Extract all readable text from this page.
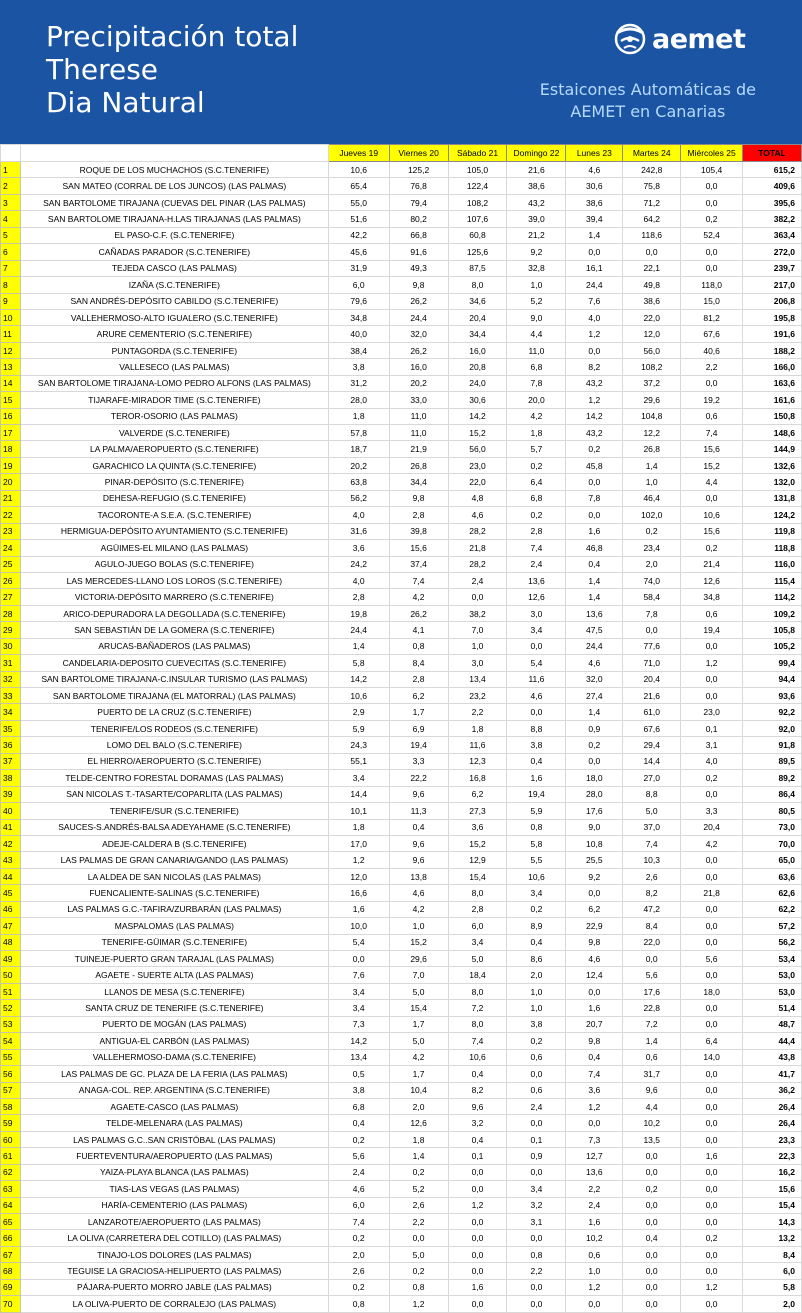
Precipitación total
Therese
Dia Natural
aemet
Estaicones Automáticas de
AEMET en Canarias
		Jueves 19	Viernes 20	Sábado 21	Domingo 22	Lunes 23	Martes 24	Miércoles 25	TOTAL
1	ROQUE DE LOS MUCHACHOS (S.C.TENERIFE)	10,6	125,2	105,0	21,6	4,6	242,8	105,4	615,2
2	SAN MATEO (CORRAL DE LOS JUNCOS) (LAS PALMAS)	65,4	76,8	122,4	38,6	30,6	75,8	0,0	409,6
3	SAN BARTOLOME TIRAJANA (CUEVAS DEL PINAR (LAS PALMAS)	55,0	79,4	108,2	43,2	38,6	71,2	0,0	395,6
4	SAN BARTOLOME TIRAJANA-H.LAS TIRAJANAS (LAS PALMAS)	51,6	80,2	107,6	39,0	39,4	64,2	0,2	382,2
5	EL PASO-C.F. (S.C.TENERIFE)	42,2	66,8	60,8	21,2	1,4	118,6	52,4	363,4
6	CAÑADAS PARADOR (S.C.TENERIFE)	45,6	91,6	125,6	9,2	0,0	0,0	0,0	272,0
7	TEJEDA CASCO (LAS PALMAS)	31,9	49,3	87,5	32,8	16,1	22,1	0,0	239,7
8	IZAÑA (S.C.TENERIFE)	6,0	9,8	8,0	1,0	24,4	49,8	118,0	217,0
9	SAN ANDRÉS-DEPÓSITO CABILDO (S.C.TENERIFE)	79,6	26,2	34,6	5,2	7,6	38,6	15,0	206,8
10	VALLEHERMOSO-ALTO IGUALERO (S.C.TENERIFE)	34,8	24,4	20,4	9,0	4,0	22,0	81,2	195,8
11	ARURE CEMENTERIO (S.C.TENERIFE)	40,0	32,0	34,4	4,4	1,2	12,0	67,6	191,6
12	PUNTAGORDA (S.C.TENERIFE)	38,4	26,2	16,0	11,0	0,0	56,0	40,6	188,2
13	VALLESECO (LAS PALMAS)	3,8	16,0	20,8	6,8	8,2	108,2	2,2	166,0
14	SAN BARTOLOME TIRAJANA-LOMO PEDRO ALFONS (LAS PALMAS)	31,2	20,2	24,0	7,8	43,2	37,2	0,0	163,6
15	TIJARAFE-MIRADOR TIME (S.C.TENERIFE)	28,0	33,0	30,6	20,0	1,2	29,6	19,2	161,6
16	TEROR-OSORIO (LAS PALMAS)	1,8	11,0	14,2	4,2	14,2	104,8	0,6	150,8
17	VALVERDE (S.C.TENERIFE)	57,8	11,0	15,2	1,8	43,2	12,2	7,4	148,6
18	LA PALMA/AEROPUERTO (S.C.TENERIFE)	18,7	21,9	56,0	5,7	0,2	26,8	15,6	144,9
19	GARACHICO LA QUINTA (S.C.TENERIFE)	20,2	26,8	23,0	0,2	45,8	1,4	15,2	132,6
20	PINAR-DEPÓSITO (S.C.TENERIFE)	63,8	34,4	22,0	6,4	0,0	1,0	4,4	132,0
21	DEHESA-REFUGIO (S.C.TENERIFE)	56,2	9,8	4,8	6,8	7,8	46,4	0,0	131,8
22	TACORONTE-A S.E.A. (S.C.TENERIFE)	4,0	2,8	4,6	0,2	0,0	102,0	10,6	124,2
23	HERMIGUA-DEPÓSITO AYUNTAMIENTO (S.C.TENERIFE)	31,6	39,8	28,2	2,8	1,6	0,2	15,6	119,8
24	AGÜIMES-EL MILANO (LAS PALMAS)	3,6	15,6	21,8	7,4	46,8	23,4	0,2	118,8
25	AGULO-JUEGO BOLAS (S.C.TENERIFE)	24,2	37,4	28,2	2,4	0,4	2,0	21,4	116,0
26	LAS MERCEDES-LLANO LOS LOROS (S.C.TENERIFE)	4,0	7,4	2,4	13,6	1,4	74,0	12,6	115,4
27	VICTORIA-DEPÓSITO MARRERO (S.C.TENERIFE)	2,8	4,2	0,0	12,6	1,4	58,4	34,8	114,2
28	ARICO-DEPURADORA LA DEGOLLADA (S.C.TENERIFE)	19,8	26,2	38,2	3,0	13,6	7,8	0,6	109,2
29	SAN SEBASTIÁN DE LA GOMERA (S.C.TENERIFE)	24,4	4,1	7,0	3,4	47,5	0,0	19,4	105,8
30	ARUCAS-BAÑADEROS (LAS PALMAS)	1,4	0,8	1,0	0,0	24,4	77,6	0,0	105,2
31	CANDELARIA-DEPOSITO CUEVECITAS (S.C.TENERIFE)	5,8	8,4	3,0	5,4	4,6	71,0	1,2	99,4
32	SAN BARTOLOME TIRAJANA-C.INSULAR TURISMO (LAS PALMAS)	14,2	2,8	13,4	11,6	32,0	20,4	0,0	94,4
33	SAN BARTOLOME TIRAJANA (EL MATORRAL) (LAS PALMAS)	10,6	6,2	23,2	4,6	27,4	21,6	0,0	93,6
34	PUERTO DE LA CRUZ (S.C.TENERIFE)	2,9	1,7	2,2	0,0	1,4	61,0	23,0	92,2
35	TENERIFE/LOS RODEOS (S.C.TENERIFE)	5,9	6,9	1,8	8,8	0,9	67,6	0,1	92,0
36	LOMO DEL BALO (S.C.TENERIFE)	24,3	19,4	11,6	3,8	0,2	29,4	3,1	91,8
37	EL HIERRO/AEROPUERTO (S.C.TENERIFE)	55,1	3,3	12,3	0,4	0,0	14,4	4,0	89,5
38	TELDE-CENTRO FORESTAL DORAMAS (LAS PALMAS)	3,4	22,2	16,8	1,6	18,0	27,0	0,2	89,2
39	SAN NICOLAS T.-TASARTE/COPARLITA (LAS PALMAS)	14,4	9,6	6,2	19,4	28,0	8,8	0,0	86,4
40	TENERIFE/SUR (S.C.TENERIFE)	10,1	11,3	27,3	5,9	17,6	5,0	3,3	80,5
41	SAUCES-S.ANDRÉS-BALSA ADEYAHAME (S.C.TENERIFE)	1,8	0,4	3,6	0,8	9,0	37,0	20,4	73,0
42	ADEJE-CALDERA B (S.C.TENERIFE)	17,0	9,6	15,2	5,8	10,8	7,4	4,2	70,0
43	LAS PALMAS DE GRAN CANARIA/GANDO (LAS PALMAS)	1,2	9,6	12,9	5,5	25,5	10,3	0,0	65,0
44	LA ALDEA DE SAN NICOLAS (LAS PALMAS)	12,0	13,8	15,4	10,6	9,2	2,6	0,0	63,6
45	FUENCALIENTE-SALINAS (S.C.TENERIFE)	16,6	4,6	8,0	3,4	0,0	8,2	21,8	62,6
46	LAS PALMAS G.C.-TAFIRA/ZURBARÁN (LAS PALMAS)	1,6	4,2	2,8	0,2	6,2	47,2	0,0	62,2
47	MASPALOMAS (LAS PALMAS)	10,0	1,0	6,0	8,9	22,9	8,4	0,0	57,2
48	TENERIFE-GÜIMAR (S.C.TENERIFE)	5,4	15,2	3,4	0,4	9,8	22,0	0,0	56,2
49	TUINEJE-PUERTO GRAN TARAJAL (LAS PALMAS)	0,0	29,6	5,0	8,6	4,6	0,0	5,6	53,4
50	AGAETE - SUERTE ALTA (LAS PALMAS)	7,6	7,0	18,4	2,0	12,4	5,6	0,0	53,0
51	LLANOS DE MESA (S.C.TENERIFE)	3,4	5,0	8,0	1,0	0,0	17,6	18,0	53,0
52	SANTA CRUZ DE TENERIFE (S.C.TENERIFE)	3,4	15,4	7,2	1,0	1,6	22,8	0,0	51,4
53	PUERTO DE MOGÁN (LAS PALMAS)	7,3	1,7	8,0	3,8	20,7	7,2	0,0	48,7
54	ANTIGUA-EL CARBÓN (LAS PALMAS)	14,2	5,0	7,4	0,2	9,8	1,4	6,4	44,4
55	VALLEHERMOSO-DAMA (S.C.TENERIFE)	13,4	4,2	10,6	0,6	0,4	0,6	14,0	43,8
56	LAS PALMAS DE GC. PLAZA DE LA FERIA (LAS PALMAS)	0,5	1,7	0,4	0,0	7,4	31,7	0,0	41,7
57	ANAGA-COL. REP. ARGENTINA (S.C.TENERIFE)	3,8	10,4	8,2	0,6	3,6	9,6	0,0	36,2
58	AGAETE-CASCO (LAS PALMAS)	6,8	2,0	9,6	2,4	1,2	4,4	0,0	26,4
59	TELDE-MELENARA (LAS PALMAS)	0,4	12,6	3,2	0,0	0,0	10,2	0,0	26,4
60	LAS PALMAS G.C..SAN CRISTÓBAL (LAS PALMAS)	0,2	1,8	0,4	0,1	7,3	13,5	0,0	23,3
61	FUERTEVENTURA/AEROPUERTO (LAS PALMAS)	5,6	1,4	0,1	0,9	12,7	0,0	1,6	22,3
62	YAIZA-PLAYA BLANCA (LAS PALMAS)	2,4	0,2	0,0	0,0	13,6	0,0	0,0	16,2
63	TIAS-LAS VEGAS (LAS PALMAS)	4,6	5,2	0,0	3,4	2,2	0,2	0,0	15,6
64	HARÍA-CEMENTERIO (LAS PALMAS)	6,0	2,6	1,2	3,2	2,4	0,0	0,0	15,4
65	LANZAROTE/AEROPUERTO (LAS PALMAS)	7,4	2,2	0,0	3,1	1,6	0,0	0,0	14,3
66	LA OLIVA (CARRETERA DEL COTILLO) (LAS PALMAS)	0,2	0,0	0,0	0,0	10,2	0,4	0,2	13,2
67	TINAJO-LOS DOLORES (LAS PALMAS)	2,0	5,0	0,0	0,8	0,6	0,0	0,0	8,4
68	TEGUISE LA GRACIOSA-HELIPUERTO (LAS PALMAS)	2,6	0,2	0,0	2,2	1,0	0,0	0,0	6,0
69	PÁJARA-PUERTO MORRO JABLE (LAS PALMAS)	0,2	0,8	1,6	0,0	1,2	0,0	1,2	5,8
70	LA OLIVA-PUERTO DE CORRALEJO (LAS PALMAS)	0,8	1,2	0,0	0,0	0,0	0,0	0,0	2,0
